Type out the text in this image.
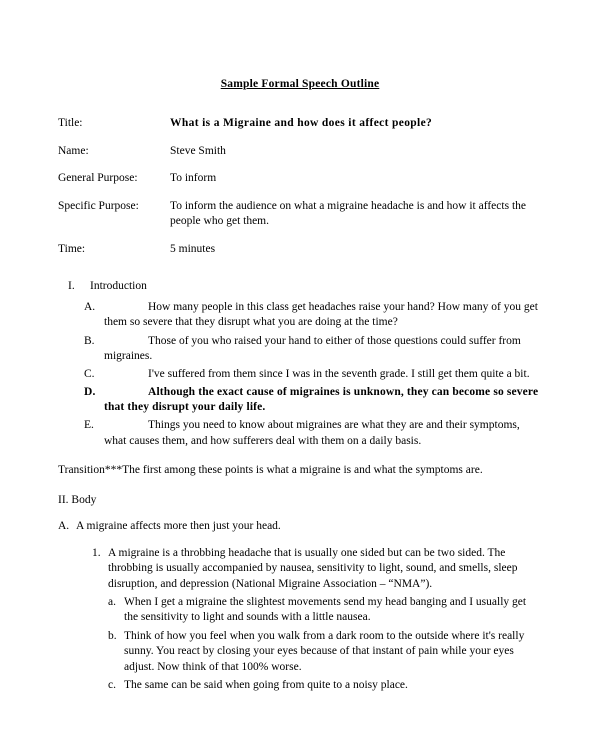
Sample Formal Speech Outline
Title:	What is a Migraine and how does it affect people?
Name:	Steve Smith
General Purpose:	To inform
Specific Purpose:	To inform the audience on what a migraine headache is and how it affects the people who get them.
Time:	5 minutes
I. Introduction
A.	How many people in this class get headaches raise your hand? How many of you get them so severe that they disrupt what you are doing at the time?
B.	Those of you who raised your hand to either of those questions could suffer from migraines.
C.	I've suffered from them since I was in the seventh grade. I still get them quite a bit.
D.	Although the exact cause of migraines is unknown, they can become so severe that they disrupt your daily life.
E.	Things you need to know about migraines are what they are and their symptoms, what causes them, and how sufferers deal with them on a daily basis.
Transition***The first among these points is what a migraine is and what the symptoms are.
II. Body
A. A migraine affects more then just your head.
1. A migraine is a throbbing headache that is usually one sided but can be two sided. The throbbing is usually accompanied by nausea, sensitivity to light, sound, and smells, sleep disruption, and depression (National Migraine Association – “NMA”).
a. When I get a migraine the slightest movements send my head banging and I usually get the sensitivity to light and sounds with a little nausea.
b. Think of how you feel when you walk from a dark room to the outside where it's really sunny. You react by closing your eyes because of that instant of pain while your eyes adjust. Now think of that 100% worse.
c. The same can be said when going from quite to a noisy place.
